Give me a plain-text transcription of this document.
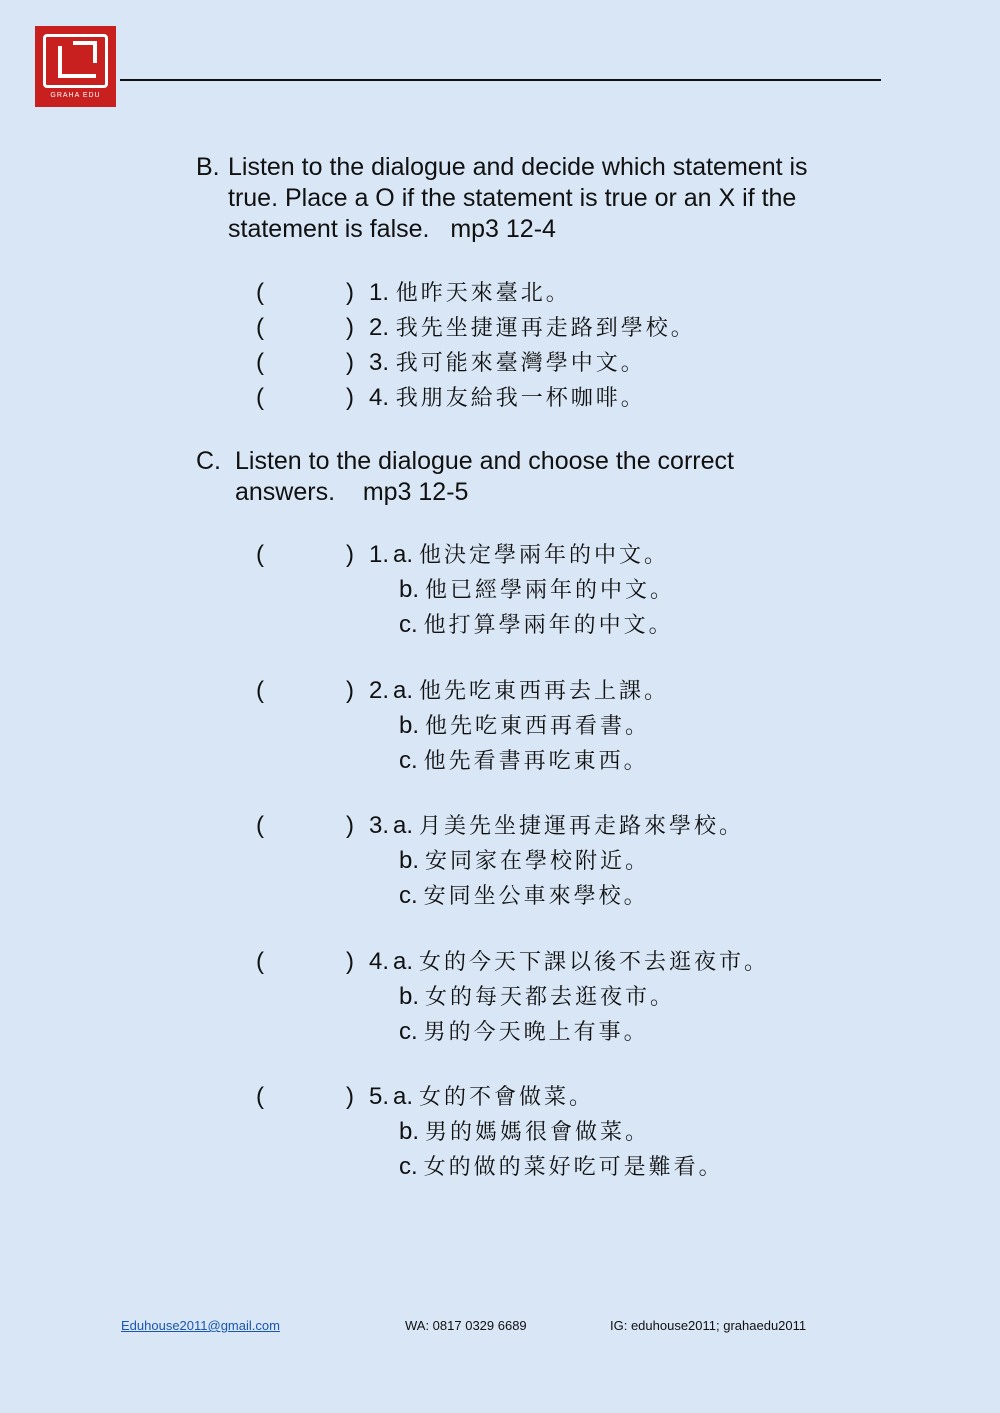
GRAHA EDU
B. Listen to the dialogue and decide which statement is
true. Place a O if the statement is true or an X if the
statement is false.   mp3 12-4
(	) 1. 他昨天來臺北。
(	) 2. 我先坐捷運再走路到學校。
(	) 3. 我可能來臺灣學中文。
(	) 4. 我朋友給我一杯咖啡。
C. Listen to the dialogue and choose the correct
answers.    mp3 12-5
(	) 1. a. 他決定學兩年的中文。
b. 他已經學兩年的中文。
c. 他打算學兩年的中文。
(	) 2. a. 他先吃東西再去上課。
b. 他先吃東西再看書。
c. 他先看書再吃東西。
(	) 3. a. 月美先坐捷運再走路來學校。
b. 安同家在學校附近。
c. 安同坐公車來學校。
(	) 4. a. 女的今天下課以後不去逛夜市。
b. 女的每天都去逛夜市。
c. 男的今天晚上有事。
(	) 5. a. 女的不會做菜。
b. 男的媽媽很會做菜。
c. 女的做的菜好吃可是難看。
Eduhouse2011@gmail.com	WA: 0817 0329 6689	IG: eduhouse2011; grahaedu2011
